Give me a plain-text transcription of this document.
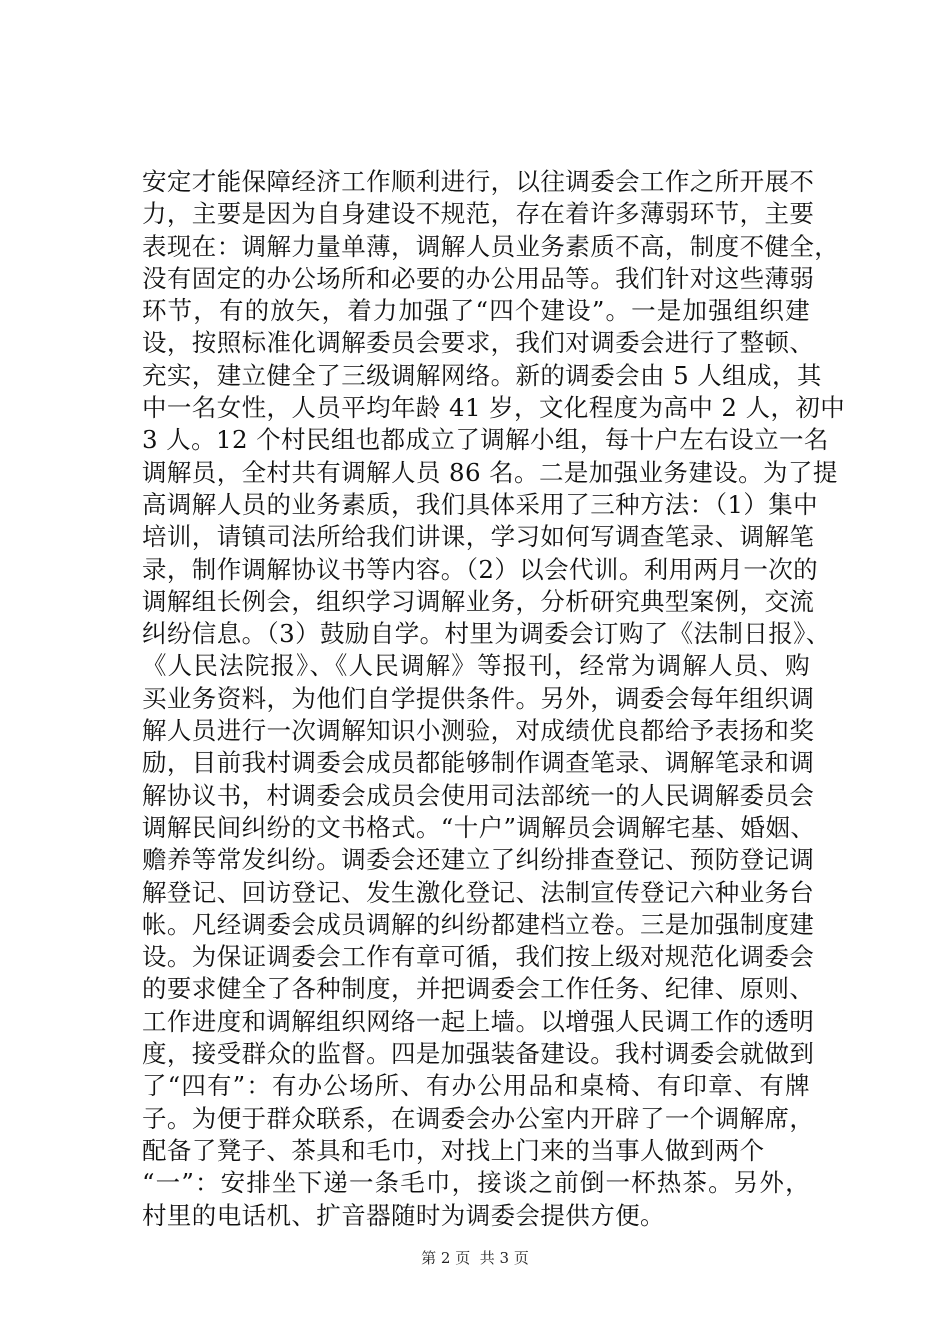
安定才能保障经济工作顺利进行，以往调委会工作之所开展不
力，主要是因为自身建设不规范，存在着许多薄弱环节，主要
表现在：调解力量单薄，调解人员业务素质不高，制度不健全，
没有固定的办公场所和必要的办公用品等。我们针对这些薄弱
环节，有的放矢，着力加强了“四个建设”。一是加强组织建
设，按照标准化调解委员会要求，我们对调委会进行了整顿、
充实，建立健全了三级调解网络。新的调委会由 5 人组成，其
中一名女性，人员平均年龄 41 岁，文化程度为高中 2 人，初中
3 人。12 个村民组也都成立了调解小组，每十户左右设立一名
调解员，全村共有调解人员 86 名。二是加强业务建设。为了提
高调解人员的业务素质，我们具体采用了三种方法：（1）集中
培训，请镇司法所给我们讲课，学习如何写调查笔录、调解笔
录，制作调解协议书等内容。（2）以会代训。利用两月一次的
调解组长例会，组织学习调解业务，分析研究典型案例，交流
纠纷信息。（3）鼓励自学。村里为调委会订购了《法制日报》、
《人民法院报》、《人民调解》等报刊，经常为调解人员、购
买业务资料，为他们自学提供条件。另外，调委会每年组织调
解人员进行一次调解知识小测验，对成绩优良都给予表扬和奖
励，目前我村调委会成员都能够制作调查笔录、调解笔录和调
解协议书，村调委会成员会使用司法部统一的人民调解委员会
调解民间纠纷的文书格式。“十户”调解员会调解宅基、婚姻、
赡养等常发纠纷。调委会还建立了纠纷排查登记、预防登记调
解登记、回访登记、发生激化登记、法制宣传登记六种业务台
帐。凡经调委会成员调解的纠纷都建档立卷。三是加强制度建
设。为保证调委会工作有章可循，我们按上级对规范化调委会
的要求健全了各种制度，并把调委会工作任务、纪律、原则、
工作进度和调解组织网络一起上墙。以增强人民调工作的透明
度，接受群众的监督。四是加强装备建设。我村调委会就做到
了“四有”：有办公场所、有办公用品和桌椅、有印章、有牌
子。为便于群众联系，在调委会办公室内开辟了一个调解席，
配备了凳子、茶具和毛巾，对找上门来的当事人做到两个
“一”：安排坐下递一条毛巾，接谈之前倒一杯热茶。另外，
村里的电话机、扩音器随时为调委会提供方便。
第 2 页  共 3 页
